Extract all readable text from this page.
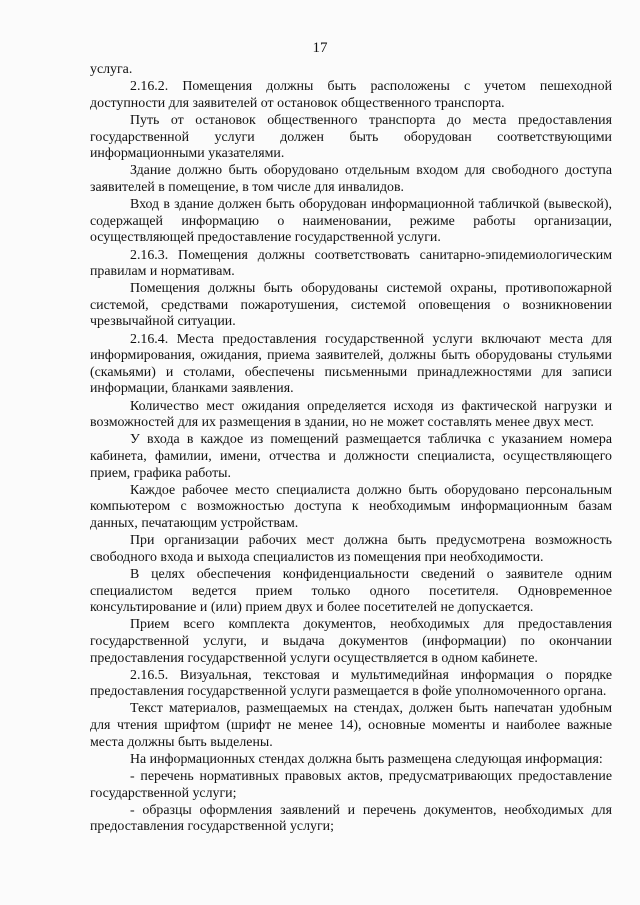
17

услуга.

2.16.2. Помещения должны быть расположены с учетом пешеходной доступности для заявителей от остановок общественного транспорта.

Путь от остановок общественного транспорта до места предоставления государственной услуги должен быть оборудован соответствующими информационными указателями.

Здание должно быть оборудовано отдельным входом для свободного доступа заявителей в помещение, в том числе для инвалидов.

Вход в здание должен быть оборудован информационной табличкой (вывеской), содержащей информацию о наименовании, режиме работы организации, осуществляющей предоставление государственной услуги.

2.16.3. Помещения должны соответствовать санитарно-эпидемиологическим правилам и нормативам.

Помещения должны быть оборудованы системой охраны, противопожарной системой, средствами пожаротушения, системой оповещения о возникновении чрезвычайной ситуации.

2.16.4. Места предоставления государственной услуги включают места для информирования, ожидания, приема заявителей, должны быть оборудованы стульями (скамьями) и столами, обеспечены письменными принадлежностями для записи информации, бланками заявления.

Количество мест ожидания определяется исходя из фактической нагрузки и возможностей для их размещения в здании, но не может составлять менее двух мест.

У входа в каждое из помещений размещается табличка с указанием номера кабинета, фамилии, имени, отчества и должности специалиста, осуществляющего прием, графика работы.

Каждое рабочее место специалиста должно быть оборудовано персональным компьютером с возможностью доступа к необходимым информационным базам данных, печатающим устройствам.

При организации рабочих мест должна быть предусмотрена возможность свободного входа и выхода специалистов из помещения при необходимости.

В целях обеспечения конфиденциальности сведений о заявителе одним специалистом ведется прием только одного посетителя. Одновременное консультирование и (или) прием двух и более посетителей не допускается.

Прием всего комплекта документов, необходимых для предоставления государственной услуги, и выдача документов (информации) по окончании предоставления государственной услуги осуществляется в одном кабинете.

2.16.5. Визуальная, текстовая и мультимедийная информация о порядке предоставления государственной услуги размещается в фойе уполномоченного органа.

Текст материалов, размещаемых на стендах, должен быть напечатан удобным для чтения шрифтом (шрифт не менее 14), основные моменты и наиболее важные места должны быть выделены.

На информационных стендах должна быть размещена следующая информация:

- перечень нормативных правовых актов, предусматривающих предоставление государственной услуги;

- образцы оформления заявлений и перечень документов, необходимых для предоставления государственной услуги;
